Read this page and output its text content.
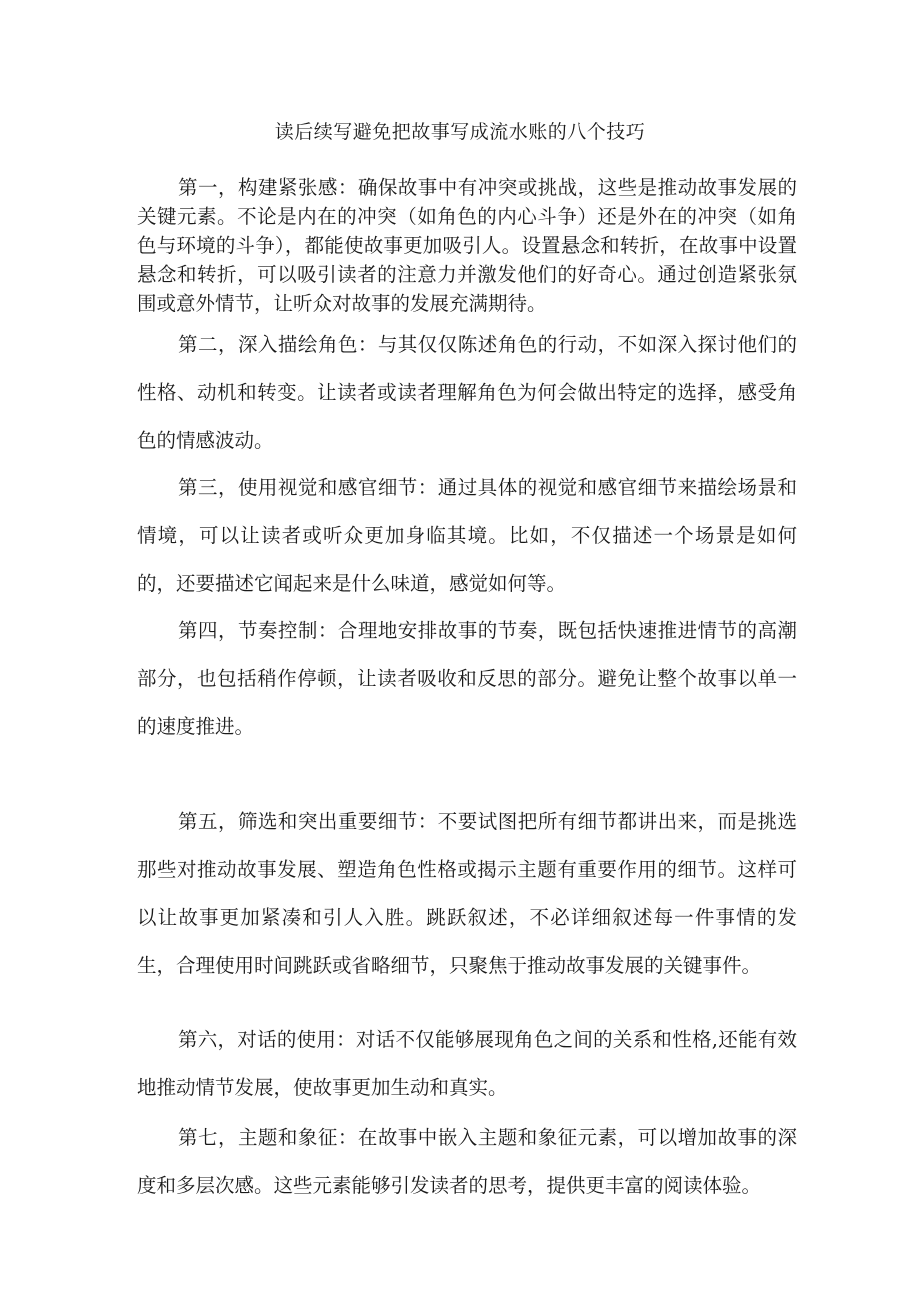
读后续写避免把故事写成流水账的八个技巧

第一，构建紧张感：确保故事中有冲突或挑战，这些是推动故事发展的关键元素。不论是内在的冲突（如角色的内心斗争）还是外在的冲突（如角色与环境的斗争），都能使故事更加吸引人。设置悬念和转折，在故事中设置悬念和转折，可以吸引读者的注意力并激发他们的好奇心。通过创造紧张氛围或意外情节，让听众对故事的发展充满期待。

第二，深入描绘角色：与其仅仅陈述角色的行动，不如深入探讨他们的性格、动机和转变。让读者或读者理解角色为何会做出特定的选择，感受角色的情感波动。

第三，使用视觉和感官细节：通过具体的视觉和感官细节来描绘场景和情境，可以让读者或听众更加身临其境。比如，不仅描述一个场景是如何的，还要描述它闻起来是什么味道，感觉如何等。

第四，节奏控制：合理地安排故事的节奏，既包括快速推进情节的高潮部分，也包括稍作停顿，让读者吸收和反思的部分。避免让整个故事以单一的速度推进。

第五，筛选和突出重要细节：不要试图把所有细节都讲出来，而是挑选那些对推动故事发展、塑造角色性格或揭示主题有重要作用的细节。这样可以让故事更加紧凑和引人入胜。跳跃叙述，不必详细叙述每一件事情的发生，合理使用时间跳跃或省略细节，只聚焦于推动故事发展的关键事件。

第六，对话的使用：对话不仅能够展现角色之间的关系和性格,还能有效地推动情节发展，使故事更加生动和真实。

第七，主题和象征：在故事中嵌入主题和象征元素，可以增加故事的深度和多层次感。这些元素能够引发读者的思考，提供更丰富的阅读体验。
